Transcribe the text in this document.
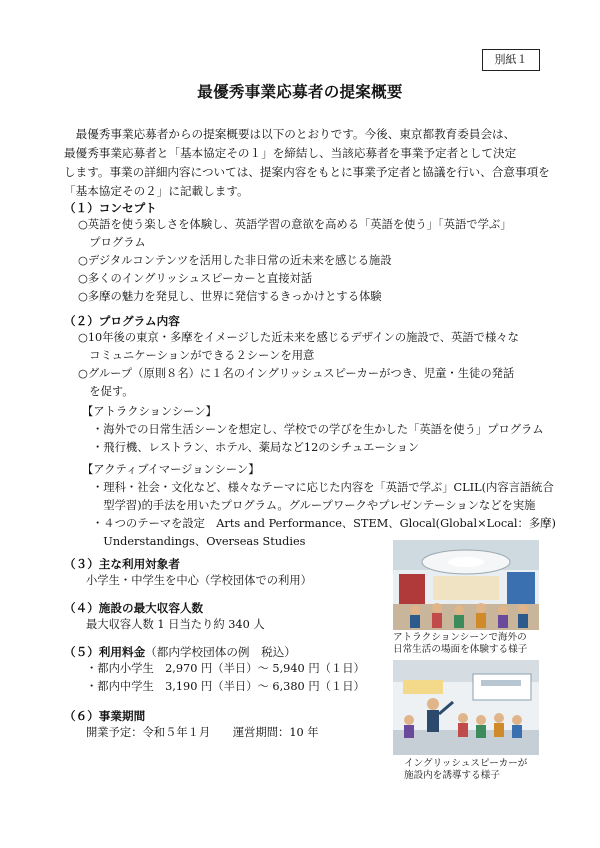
別紙１
最優秀事業応募者の提案概要
　最優秀事業応募者からの提案概要は以下のとおりです。今後、東京都教育委員会は、
最優秀事業応募者と「基本協定その１」を締結し、当該応募者を事業予定者として決定
します。事業の詳細内容については、提案内容をもとに事業予定者と協議を行い、合意事項を
「基本協定その２」に記載します。
（１）コンセプト
○英語を使う楽しさを体験し、英語学習の意欲を高める「英語を使う」「英語で学ぶ」
　プログラム
○デジタルコンテンツを活用した非日常の近未来を感じる施設
○多くのイングリッシュスピーカーと直接対話
○多摩の魅力を発見し、世界に発信するきっかけとする体験
（２）プログラム内容
○10年後の東京・多摩をイメージした近未来を感じるデザインの施設で、英語で様々な
　コミュニケーションができる２シーンを用意
○グループ（原則８名）に１名のイングリッシュスピーカーがつき、児童・生徒の発話
　を促す。
【アトラクションシーン】
・海外での日常生活シーンを想定し、学校での学びを生かした「英語を使う」プログラム
・飛行機、レストラン、ホテル、薬局など12のシチュエーション
【アクティブイマージョンシーン】
・理科・社会・文化など、様々なテーマに応じた内容を「英語で学ぶ」CLIL(内容言語統合
　型学習)的手法を用いたプログラム。グループワークやプレゼンテーションなどを実施
・４つのテーマを設定　Arts and Performance、STEM、Glocal(Global×Local：多摩)
　Understandings、Overseas Studies
（３）主な利用対象者
小学生・中学生を中心（学校団体での利用）
（４）施設の最大収容人数
最大収容人数 1 日当たり約 340 人
（５）利用料金（都内学校団体の例　税込）
・都内小学生　2,970 円（半日）～ 5,940 円（１日）
・都内中学生　3,190 円（半日）～ 6,380 円（１日）
（６）事業期間
開業予定：令和５年１月　　運営期間：10 年
アトラクションシーンで海外の
日常生活の場面を体験する様子
イングリッシュスピーカーが
施設内を誘導する様子
